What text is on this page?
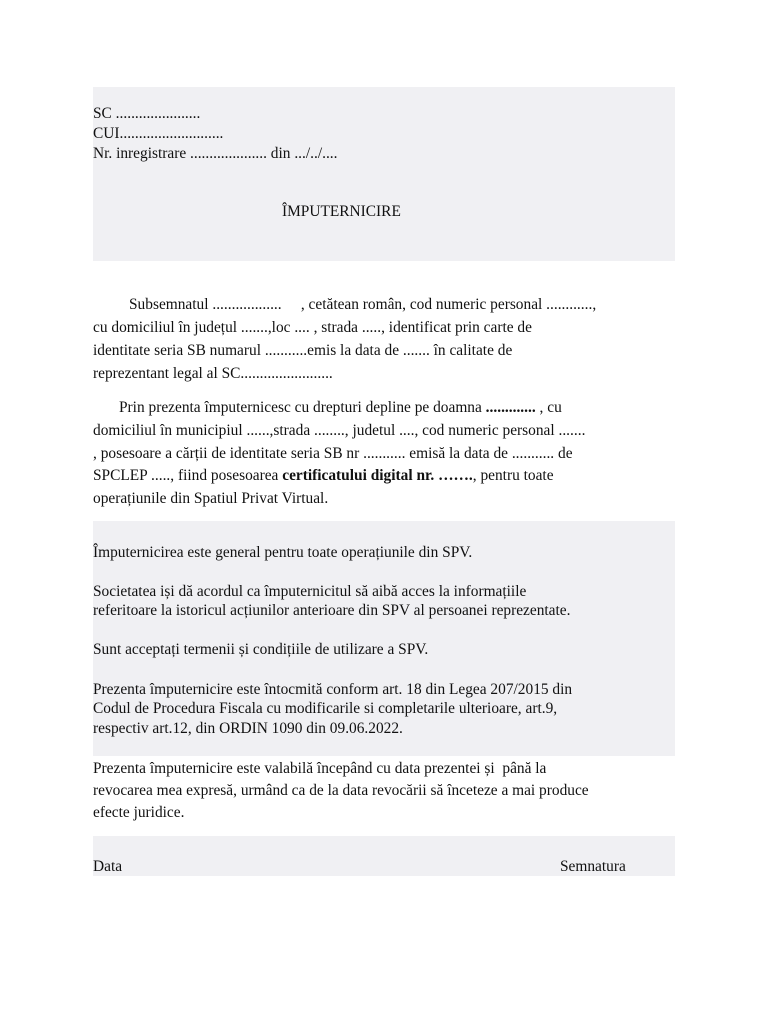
SC ......................
CUI...........................
Nr. inregistrare .................... din .../../....
ÎMPUTERNICIRE
Subsemnatul ..................     , cetătean român, cod numeric personal ............,
cu domiciliul în județul .......,loc .... , strada ....., identificat prin carte de
identitate seria SB numarul ...........emis la data de ....... în calitate de
reprezentant legal al SC........................
Prin prezenta împuternicesc cu drepturi depline pe doamna ............. , cu
domiciliul în municipiul ......,strada ........, judetul ...., cod numeric personal .......
, posesoare a cărții de identitate seria SB nr ........... emisă la data de ........... de
SPCLEP ....., fiind posesoarea certificatului digital nr. ……., pentru toate
operațiunile din Spatiul Privat Virtual.
Împuternicirea este general pentru toate operațiunile din SPV.
Societatea iși dă acordul ca împuternicitul să aibă acces la informațiile
referitoare la istoricul acțiunilor anterioare din SPV al persoanei reprezentate.
Sunt acceptați termenii și condițiile de utilizare a SPV.
Prezenta împuternicire este întocmită conform art. 18 din Legea 207/2015 din
Codul de Procedura Fiscala cu modificarile si completarile ulterioare, art.9,
respectiv art.12, din ORDIN 1090 din 09.06.2022.
Prezenta împuternicire este valabilă începând cu data prezentei și  până la
revocarea mea expresă, urmând ca de la data revocării să înceteze a mai produce
efecte juridice.
Data	Semnatura
